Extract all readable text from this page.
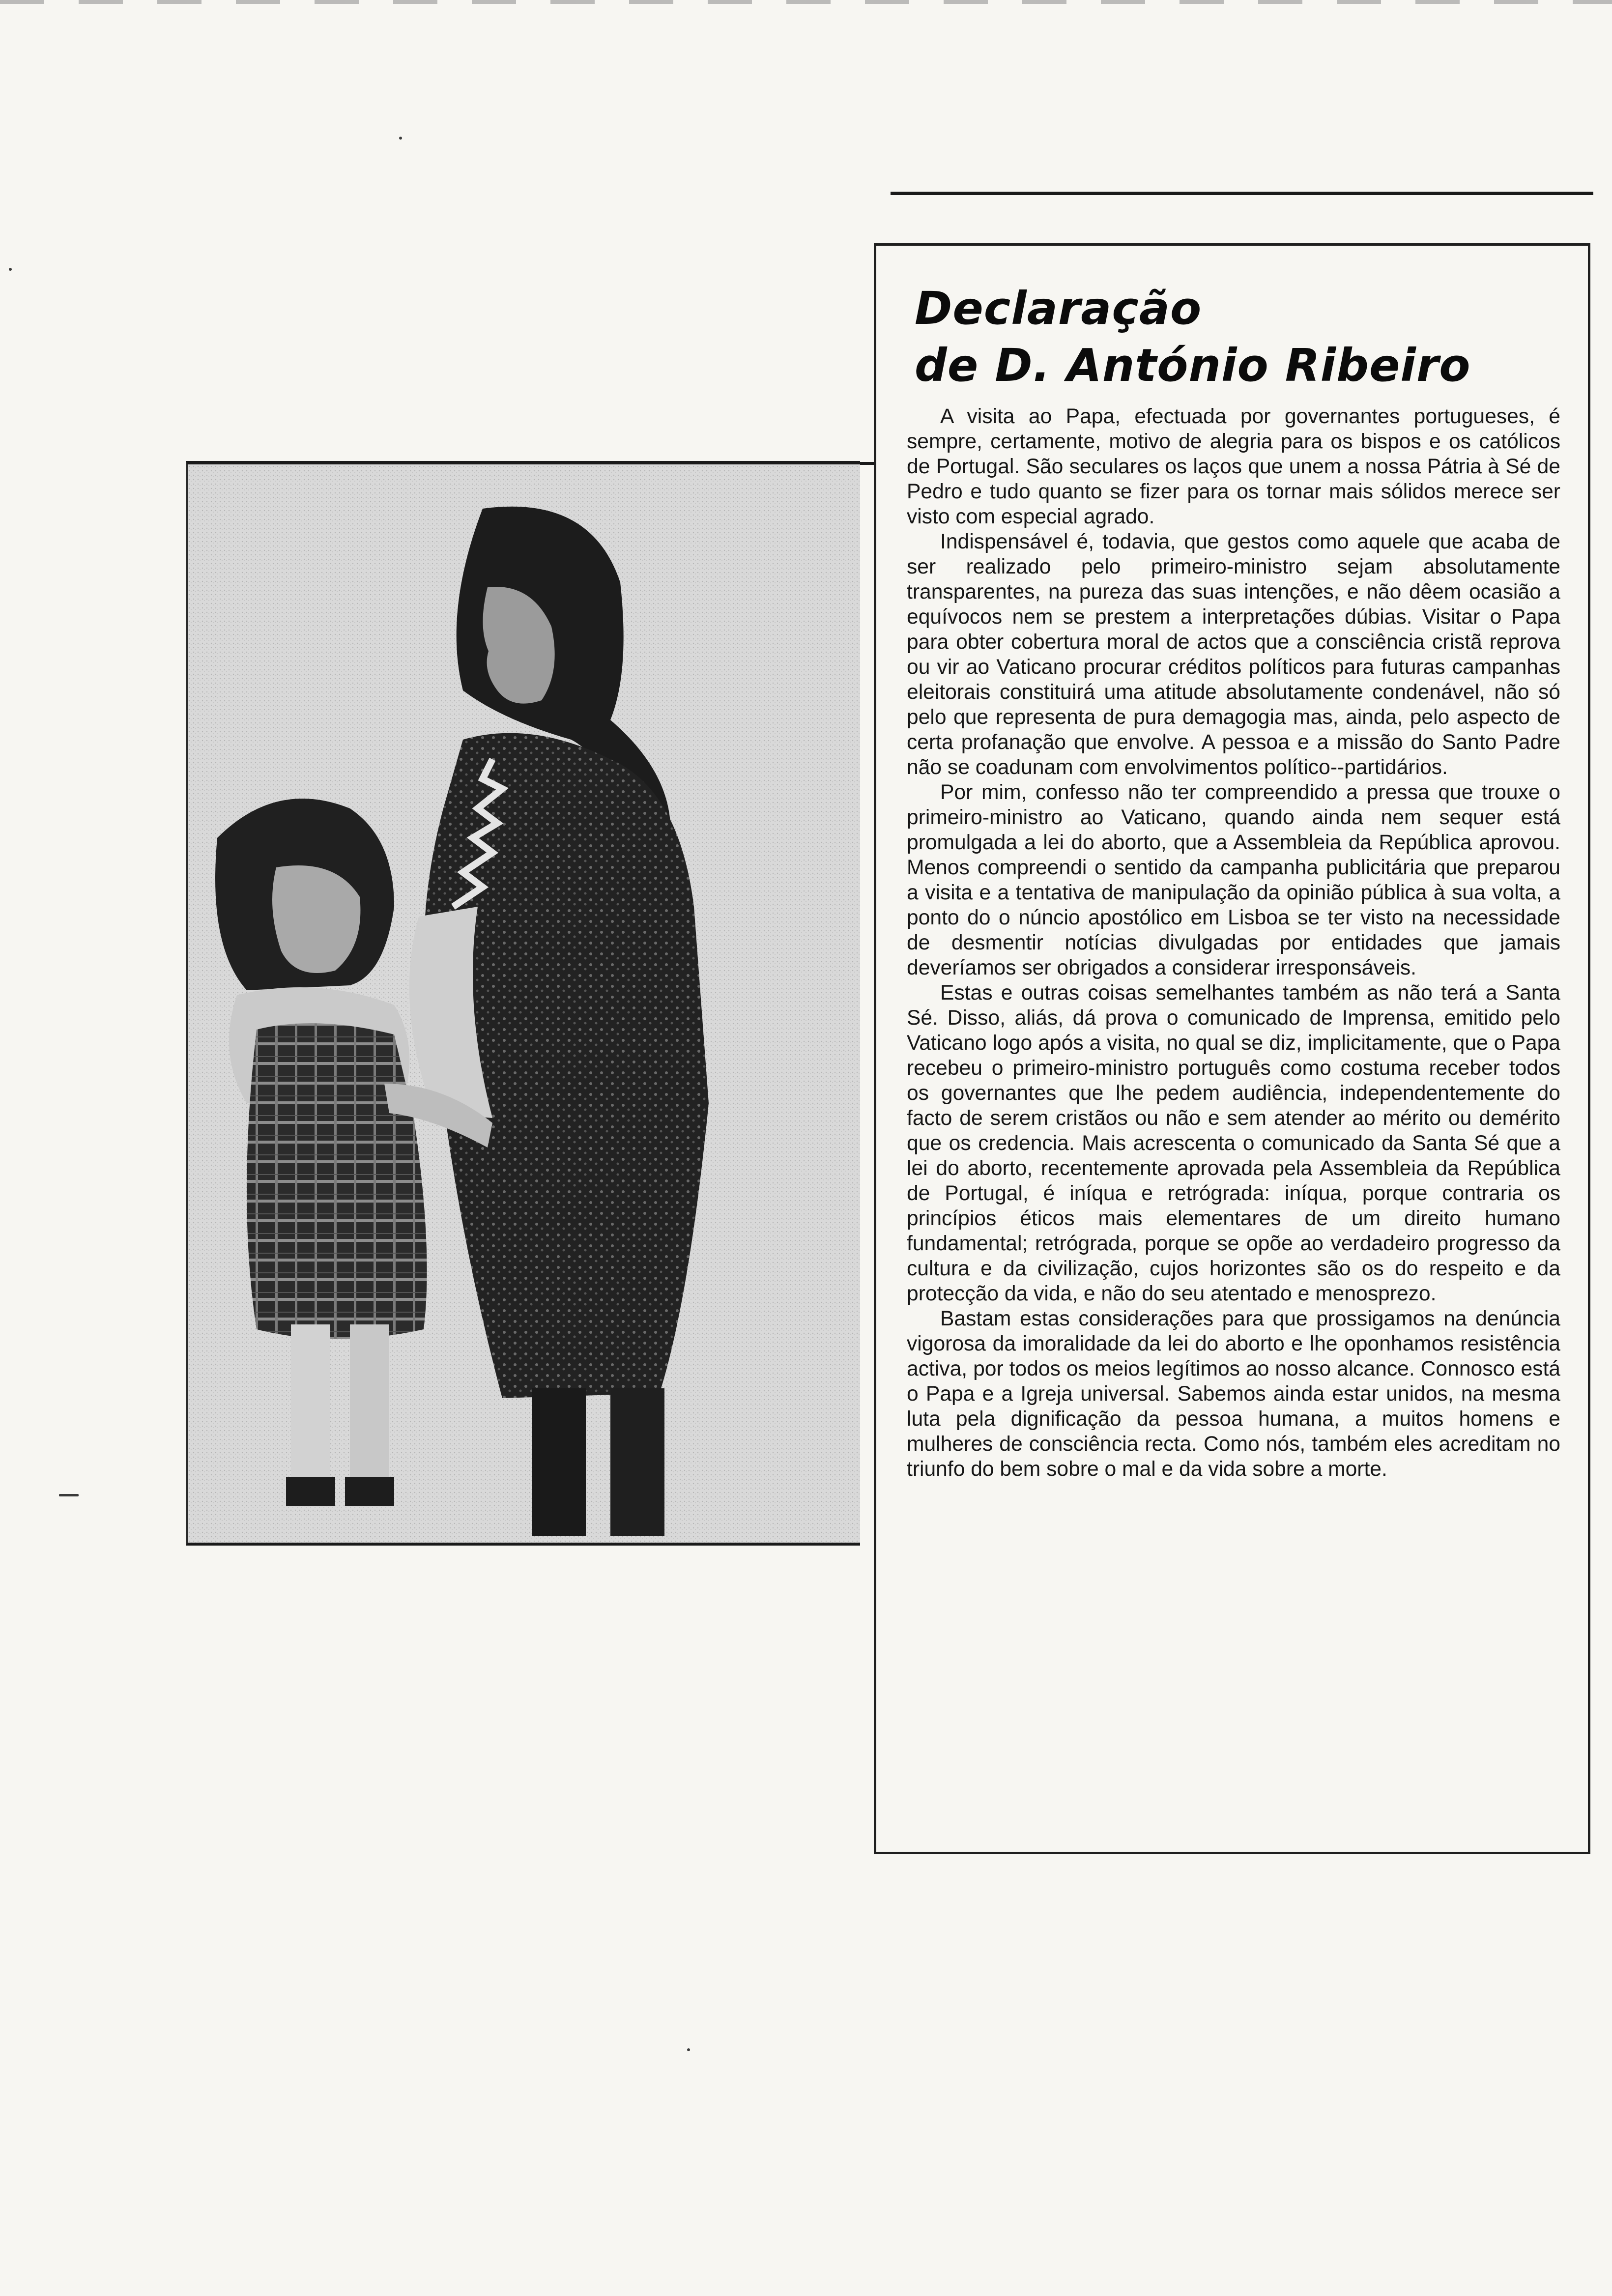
Declaração
de D. António Ribeiro

A visita ao Papa, efectuada por governantes portugueses, é sempre, certamente, motivo de alegria para os bispos e os católicos de Portugal. São seculares os laços que unem a nossa Pátria à Sé de Pedro e tudo quanto se fizer para os tornar mais sólidos merece ser visto com especial agrado.

Indispensável é, todavia, que gestos como aquele que acaba de ser realizado pelo primeiro-ministro sejam absolutamente transparentes, na pureza das suas intenções, e não dêem ocasião a equívocos nem se prestem a interpretações dúbias. Visitar o Papa para obter cobertura moral de actos que a consciência cristã reprova ou vir ao Vaticano procurar créditos políticos para futuras campanhas eleitorais constituirá uma atitude absolutamente condenável, não só pelo que representa de pura demagogia mas, ainda, pelo aspecto de certa profanação que envolve. A pessoa e a missão do Santo Padre não se coadunam com envolvimentos político--partidários.

Por mim, confesso não ter compreendido a pressa que trouxe o primeiro-ministro ao Vaticano, quando ainda nem sequer está promulgada a lei do aborto, que a Assembleia da República aprovou. Menos compreendi o sentido da campanha publicitária que preparou a visita e a tentativa de manipulação da opinião pública à sua volta, a ponto do o núncio apostólico em Lisboa se ter visto na necessidade de desmentir notícias divulgadas por entidades que jamais deveríamos ser obrigados a considerar irresponsáveis.

Estas e outras coisas semelhantes também as não terá a Santa Sé. Disso, aliás, dá prova o comunicado de Imprensa, emitido pelo Vaticano logo após a visita, no qual se diz, implicitamente, que o Papa recebeu o primeiro-ministro português como costuma receber todos os governantes que lhe pedem audiência, independentemente do facto de serem cristãos ou não e sem atender ao mérito ou demérito que os credencia. Mais acrescenta o comunicado da Santa Sé que a lei do aborto, recentemente aprovada pela Assembleia da República de Portugal, é iníqua e retrógrada: iníqua, porque contraria os princípios éticos mais elementares de um direito humano fundamental; retrógrada, porque se opõe ao verdadeiro progresso da cultura e da civilização, cujos horizontes são os do respeito e da protecção da vida, e não do seu atentado e menosprezo.

Bastam estas considerações para que prossigamos na denúncia vigorosa da imoralidade da lei do aborto e lhe oponhamos resistência activa, por todos os meios legítimos ao nosso alcance. Connosco está o Papa e a Igreja universal. Sabemos ainda estar unidos, na mesma luta pela dignificação da pessoa humana, a muitos homens e mulheres de consciência recta. Como nós, também eles acreditam no triunfo do bem sobre o mal e da vida sobre a morte.
